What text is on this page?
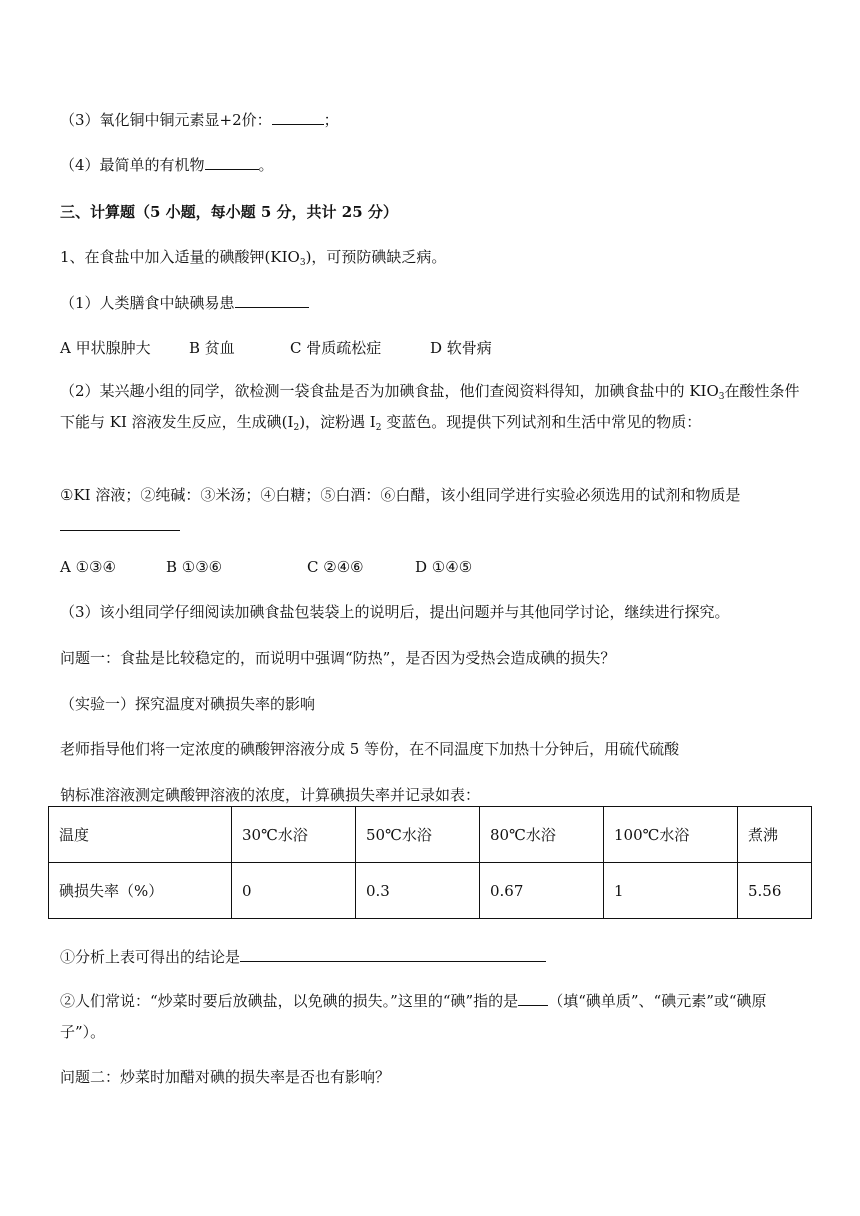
（3）氧化铜中铜元素显+2价：	；
（4）最简单的有机物	。
三、计算题（5 小题，每小题 5 分，共计 25 分）
1、在食盐中加入适量的碘酸钾$(KIO_3)$，可预防碘缺乏病。
（1）人类膳食中缺碘易患
A 甲状腺肿大	B 贫血	C 骨质疏松症	D 软骨病
（2）某兴趣小组的同学，欲检测一袋食盐是否为加碘食盐，他们查阅资料得知，加碘食盐中的 $KIO_3$在酸性条件下能与 KI 溶液发生反应，生成碘$(I_2)$，淀粉遇 $I_2$ 变蓝色。现提供下列试剂和生活中常见的物质：
①KI 溶液；②纯碱：③米汤；④白糖；⑤白酒：⑥白醋，该小组同学进行实验必须选用的试剂和物质是

A ①③④	B ①③⑥	C ②④⑥	D ①④⑤
（3）该小组同学仔细阅读加碘食盐包装袋上的说明后，提出问题并与其他同学讨论，继续进行探究。
问题一：食盐是比较稳定的，而说明中强调“防热”，是否因为受热会造成碘的损失？
（实验一）探究温度对碘损失率的影响
老师指导他们将一定浓度的碘酸钾溶液分成 5 等份，在不同温度下加热十分钟后，用硫代硫酸
钠标准溶液测定碘酸钾溶液的浓度，计算碘损失率并记录如表：
温度	30℃水浴	50℃水浴	80℃水浴	100℃水浴	煮沸
碘损失率（%）	0	0.3	0.67	1	5.56
①分析上表可得出的结论是
②人们常说：“炒菜时要后放碘盐，以免碘的损失。”这里的“碘”指的是 （填“碘单质”、“碘元素”或“碘原子”）。
问题二：炒菜时加醋对碘的损失率是否也有影响？
